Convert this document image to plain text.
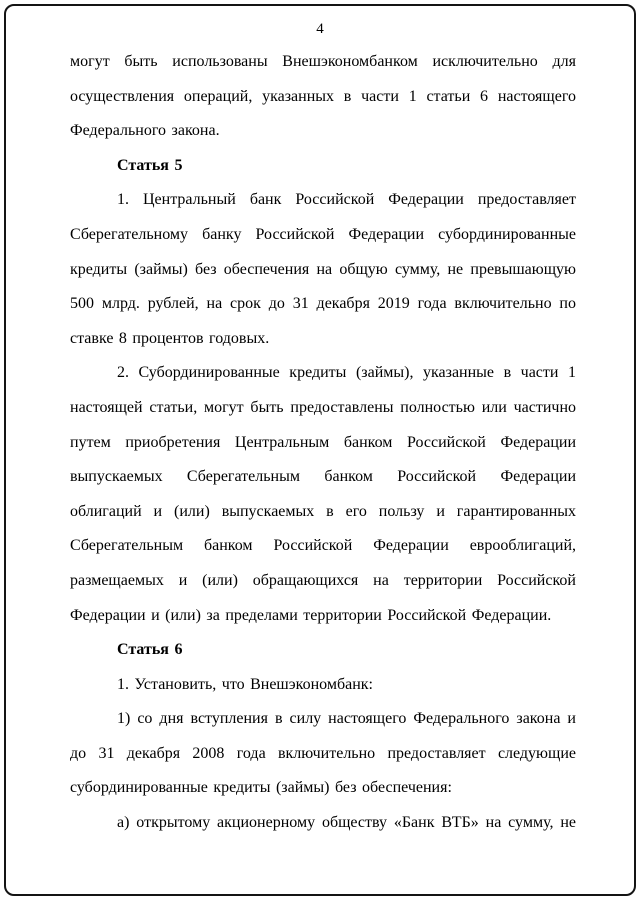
4

могут быть использованы Внешэкономбанком исключительно для осуществления операций, указанных в части 1 статьи 6 настоящего Федерального закона.

Статья 5

1. Центральный банк Российской Федерации предоставляет Сберегательному банку Российской Федерации субординированные кредиты (займы) без обеспечения на общую сумму, не превышающую 500 млрд. рублей, на срок до 31 декабря 2019 года включительно по ставке 8 процентов годовых.

2. Субординированные кредиты (займы), указанные в части 1 настоящей статьи, могут быть предоставлены полностью или частично путем приобретения Центральным банком Российской Федерации выпускаемых Сберегательным банком Российской Федерации облигаций и (или) выпускаемых в его пользу и гарантированных Сберегательным банком Российской Федерации еврооблигаций, размещаемых и (или) обращающихся на территории Российской Федерации и (или) за пределами территории Российской Федерации.

Статья 6

1. Установить, что Внешэкономбанк:

1) со дня вступления в силу настоящего Федерального закона и до 31 декабря 2008 года включительно предоставляет следующие субординированные кредиты (займы) без обеспечения:

а) открытому акционерному обществу «Банк ВТБ» на сумму, не
